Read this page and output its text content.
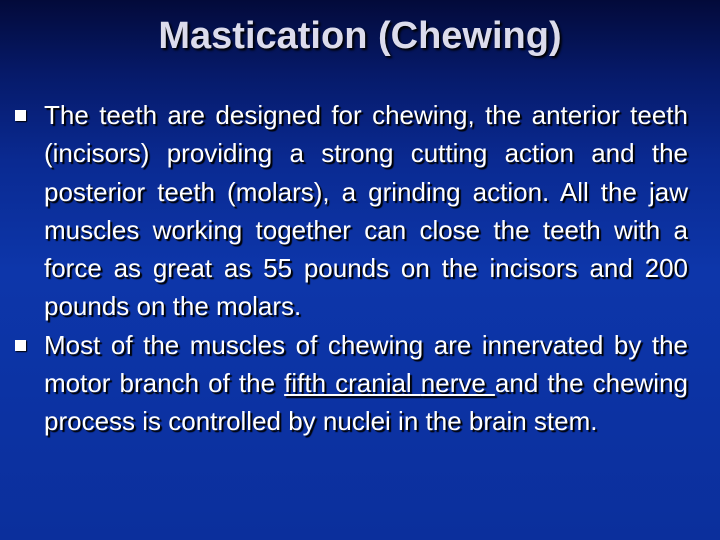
Mastication (Chewing)
The teeth are designed for chewing, the anterior teeth (incisors) providing a strong cutting action and the posterior teeth (molars), a grinding action. All the jaw muscles working together can close the teeth with a force as great as 55 pounds on the incisors and 200 pounds on the molars.
Most of the muscles of chewing are innervated by the motor branch of the fifth cranial nerve and the chewing process is controlled by nuclei in the brain stem.
